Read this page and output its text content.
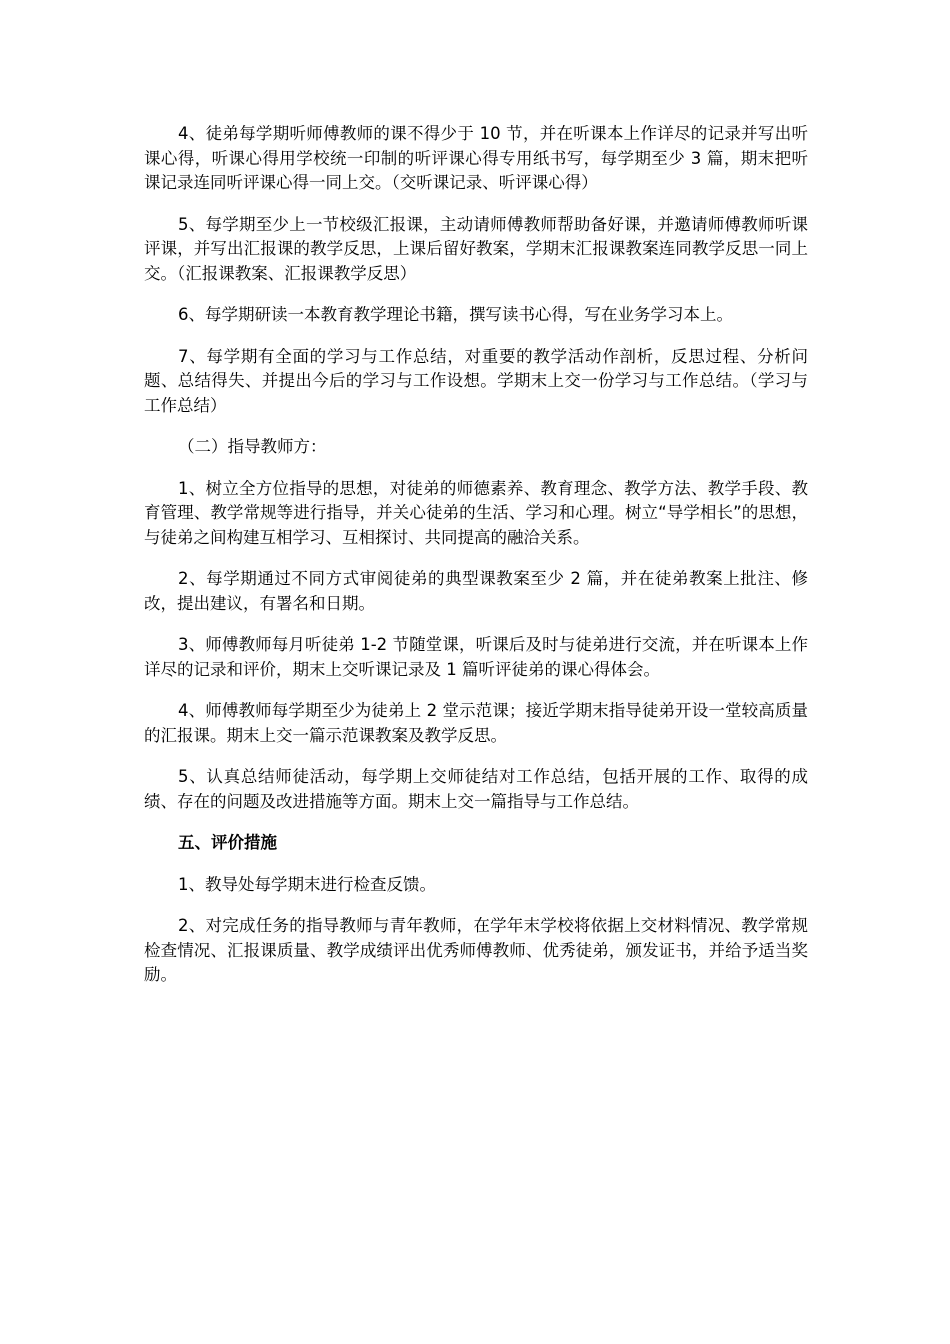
4、徒弟每学期听师傅教师的课不得少于 10 节，并在听课本上作详尽的记录并写出听课心得，听课心得用学校统一印制的听评课心得专用纸书写，每学期至少 3 篇，期末把听课记录连同听评课心得一同上交。（交听课记录、听评课心得）

5、每学期至少上一节校级汇报课，主动请师傅教师帮助备好课，并邀请师傅教师听课评课，并写出汇报课的教学反思，上课后留好教案，学期末汇报课教案连同教学反思一同上交。（汇报课教案、汇报课教学反思）

6、每学期研读一本教育教学理论书籍，撰写读书心得，写在业务学习本上。

7、每学期有全面的学习与工作总结，对重要的教学活动作剖析，反思过程、分析问题、总结得失、并提出今后的学习与工作设想。学期末上交一份学习与工作总结。（学习与工作总结）

（二）指导教师方：

1、树立全方位指导的思想，对徒弟的师德素养、教育理念、教学方法、教学手段、教育管理、教学常规等进行指导，并关心徒弟的生活、学习和心理。树立“导学相长”的思想，与徒弟之间构建互相学习、互相探讨、共同提高的融洽关系。

2、每学期通过不同方式审阅徒弟的典型课教案至少 2 篇，并在徒弟教案上批注、修改，提出建议，有署名和日期。

3、师傅教师每月听徒弟 1-2 节随堂课，听课后及时与徒弟进行交流，并在听课本上作详尽的记录和评价，期末上交听课记录及 1 篇听评徒弟的课心得体会。

4、师傅教师每学期至少为徒弟上 2 堂示范课；接近学期末指导徒弟开设一堂较高质量的汇报课。期末上交一篇示范课教案及教学反思。

5、认真总结师徒活动，每学期上交师徒结对工作总结，包括开展的工作、取得的成绩、存在的问题及改进措施等方面。期末上交一篇指导与工作总结。

五、评价措施

1、教导处每学期末进行检查反馈。

2、对完成任务的指导教师与青年教师，在学年末学校将依据上交材料情况、教学常规检查情况、汇报课质量、教学成绩评出优秀师傅教师、优秀徒弟，颁发证书，并给予适当奖励。
